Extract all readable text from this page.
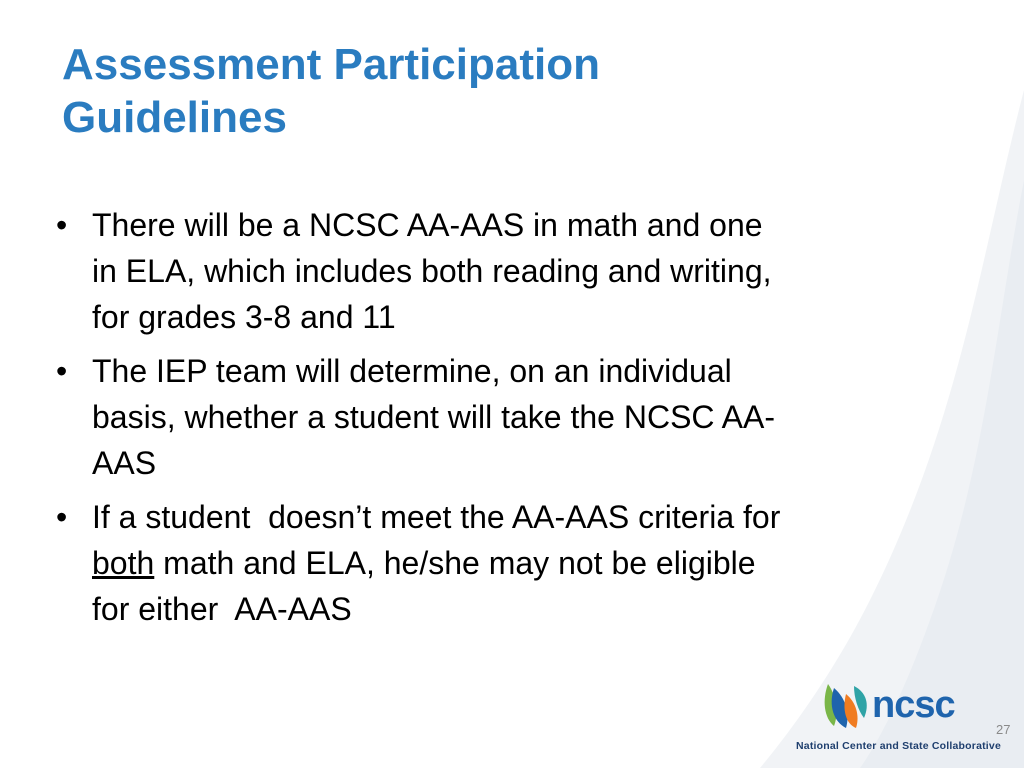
Assessment Participation
Guidelines
• There will be a NCSC AA-AAS in math and one
in ELA, which includes both reading and writing,
for grades 3-8 and 11
• The IEP team will determine, on an individual
basis, whether a student will take the NCSC AA-
AAS
• If a student  doesn’t meet the AA-AAS criteria for
both math and ELA, he/she may not be eligible
for either  AA-AAS
ncsc
National Center and State Collaborative
27
